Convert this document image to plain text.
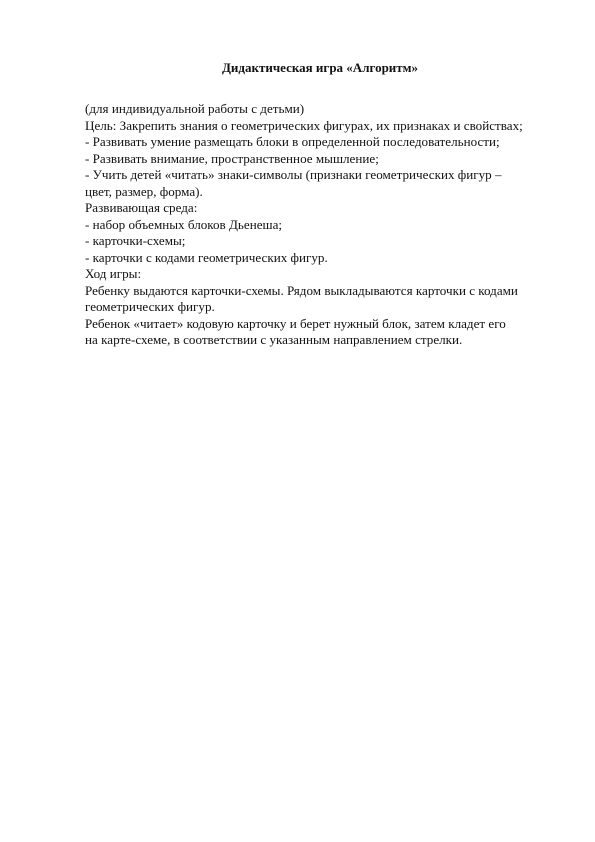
Дидактическая игра «Алгоритм»
(для индивидуальной работы с детьми)
Цель: Закрепить знания о геометрических фигурах, их признаках и свойствах;
- Развивать умение размещать блоки в определенной последовательности;
- Развивать внимание, пространственное мышление;
- Учить детей «читать» знаки-символы (признаки геометрических фигур –
цвет, размер, форма).
Развивающая среда:
- набор объемных блоков Дьенеша;
- карточки-схемы;
- карточки с кодами геометрических фигур.
Ход игры:
Ребенку выдаются карточки-схемы. Рядом выкладываются карточки с кодами
геометрических фигур.
Ребенок «читает» кодовую карточку и берет нужный блок, затем кладет его
на карте-схеме, в соответствии с указанным направлением стрелки.
